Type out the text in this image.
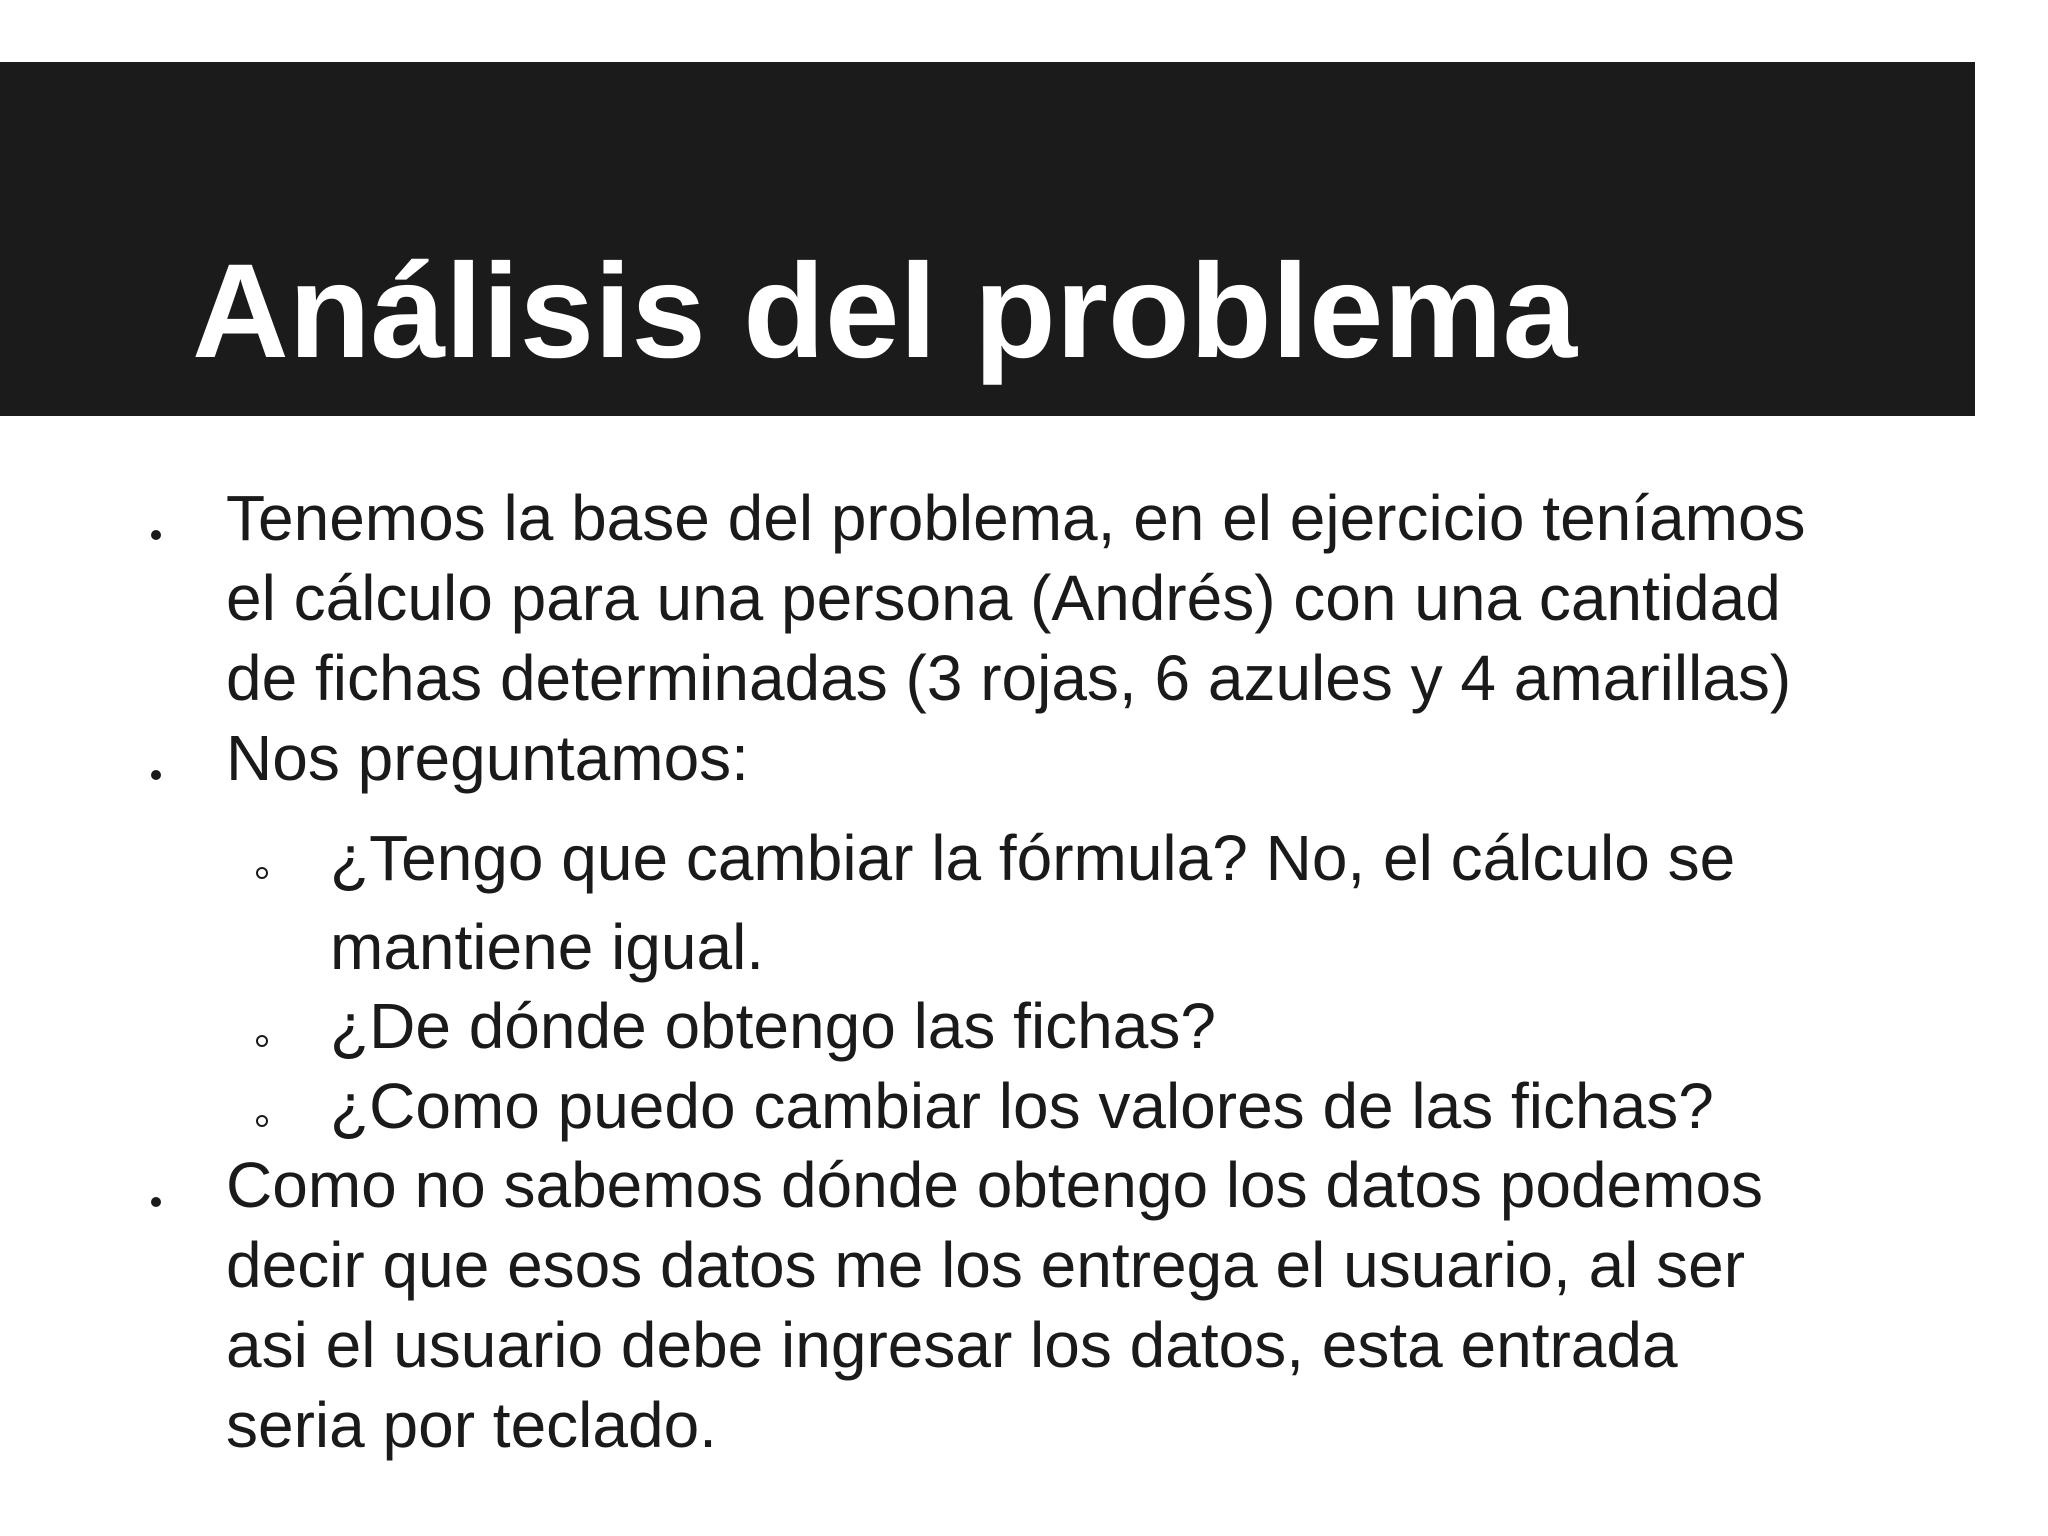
Análisis del problema
Tenemos la base del problema, en el ejercicio teníamos
el cálculo para una persona (Andrés) con una cantidad
de fichas determinadas (3 rojas, 6 azules y 4 amarillas)
Nos preguntamos:
¿Tengo que cambiar la fórmula? No, el cálculo se
mantiene igual.
¿De dónde obtengo las fichas?
¿Como puedo cambiar los valores de las fichas?
Como no sabemos dónde obtengo los datos podemos
decir que esos datos me los entrega el usuario, al ser
asi el usuario debe ingresar los datos, esta entrada
seria por teclado.
